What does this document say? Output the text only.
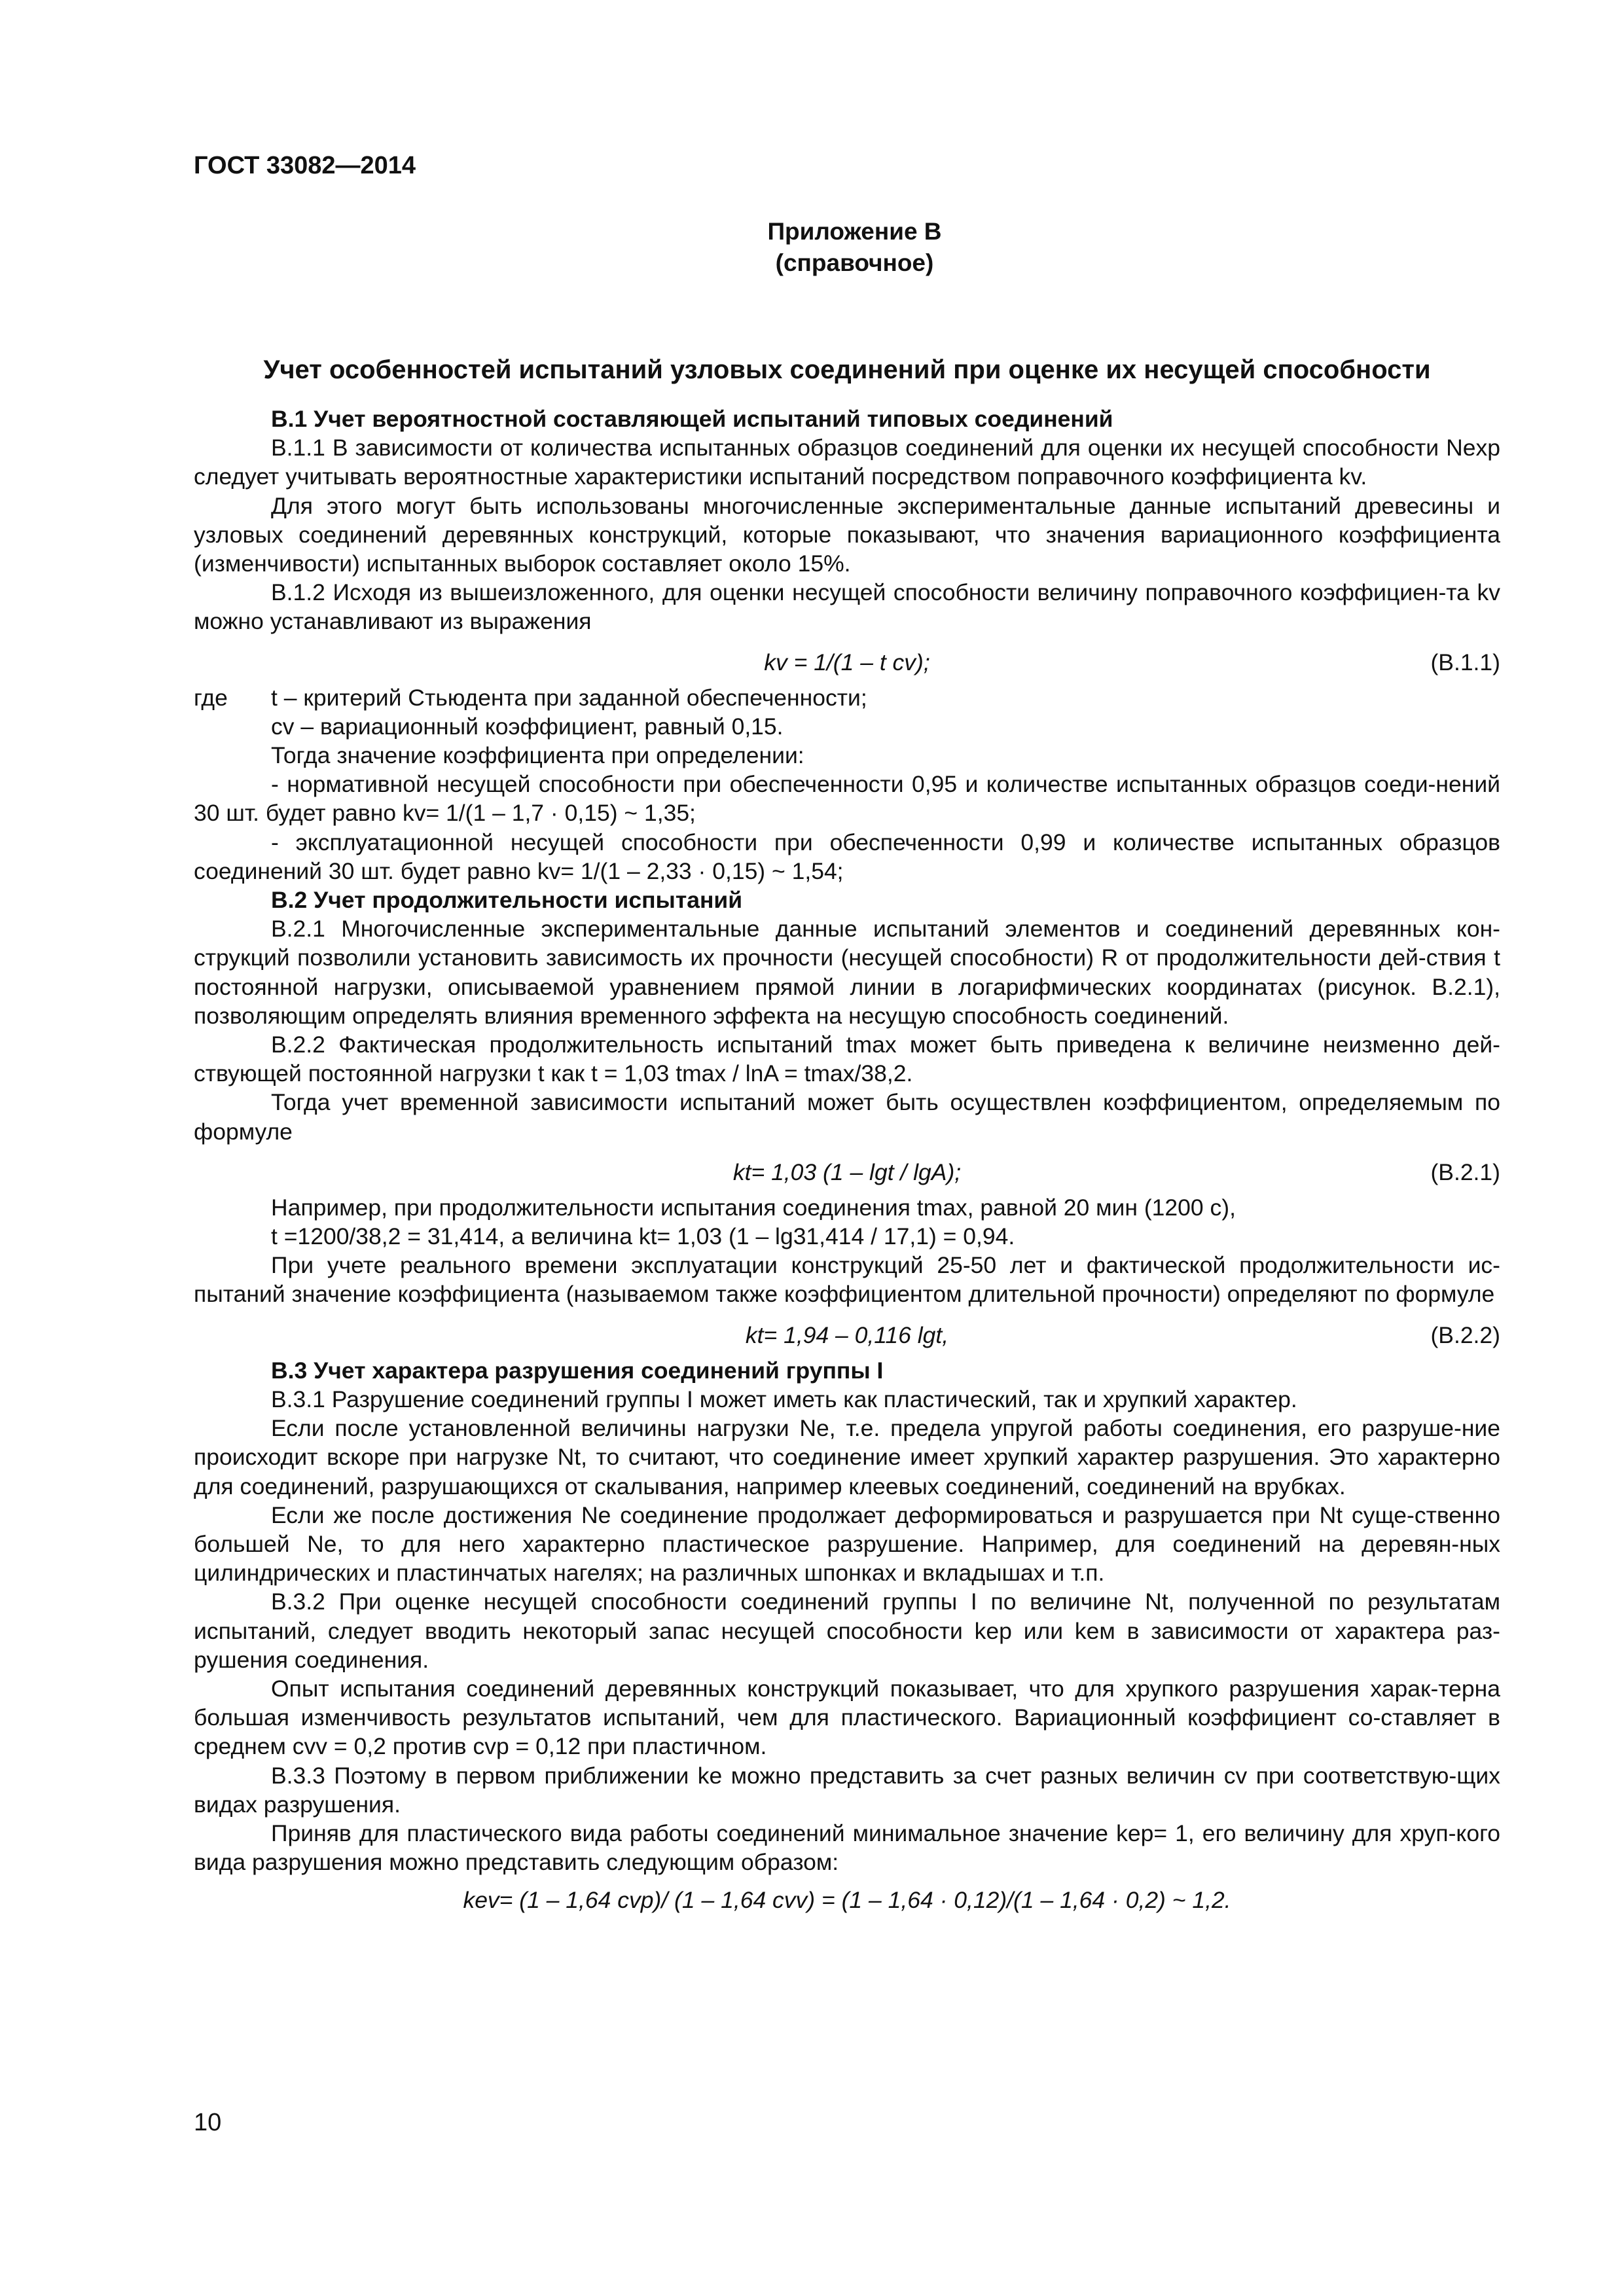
ГОСТ 33082—2014
Приложение В
(справочное)
Учет особенностей испытаний узловых соединений при оценке их несущей способности

В.1 Учет вероятностной составляющей испытаний типовых соединений

В.1.1 В зависимости от количества испытанных образцов соединений для оценки их несущей способности Nexp следует учитывать вероятностные характеристики испытаний посредством поправочного коэффициента kv.

Для этого могут быть использованы многочисленные экспериментальные данные испытаний древесины и узловых соединений деревянных конструкций, которые показывают, что значения вариационного коэффициента (изменчивости) испытанных выборок составляет около 15%.

В.1.2 Исходя из вышеизложенного, для оценки несущей способности величину поправочного коэффициен-та kv можно устанавливают из выражения

kv = 1/(1 – t cv);	(В.1.1)
где	t – критерий Стьюдента при заданной обеспеченности;

cv – вариационный коэффициент, равный 0,15.

Тогда значение коэффициента при определении:

- нормативной несущей способности при обеспеченности 0,95 и количестве испытанных образцов соеди-нений 30 шт. будет равно kv= 1/(1 – 1,7 · 0,15) ~ 1,35;

- эксплуатационной несущей способности при обеспеченности 0,99 и количестве испытанных образцов соединений 30 шт. будет равно kv= 1/(1 – 2,33 · 0,15) ~ 1,54;

В.2 Учет продолжительности испытаний

В.2.1 Многочисленные экспериментальные данные испытаний элементов и соединений деревянных кон-струкций позволили установить зависимость их прочности (несущей способности) R от продолжительности дей-ствия t постоянной нагрузки, описываемой уравнением прямой линии в логарифмических координатах (рисунок. В.2.1), позволяющим определять влияния временного эффекта на несущую способность соединений.

В.2.2 Фактическая продолжительность испытаний tmax может быть приведена к величине неизменно дей-ствующей постоянной нагрузки t как t = 1,03 tmax / lnA = tmax/38,2.

Тогда учет временной зависимости испытаний может быть осуществлен коэффициентом, определяемым по формуле

kt= 1,03 (1 – lgt / lgA);	(В.2.1)

Например, при продолжительности испытания соединения tmax, равной 20 мин (1200 с),

t =1200/38,2 = 31,414, а величина kt= 1,03 (1 – lg31,414 / 17,1) = 0,94.

При учете реального времени эксплуатации конструкций 25-50 лет и фактической продолжительности ис-пытаний значение коэффициента (называемом также коэффициентом длительной прочности) определяют по формуле

kt= 1,94 – 0,116 lgt,	(В.2.2)

В.3 Учет характера разрушения соединений группы I

В.3.1 Разрушение соединений группы I может иметь как пластический, так и хрупкий характер.

Если после установленной величины нагрузки Ne, т.е. предела упругой работы соединения, его разруше-ние происходит вскоре при нагрузке Nt, то считают, что соединение имеет хрупкий характер разрушения. Это характерно для соединений, разрушающихся от скалывания, например клеевых соединений, соединений на врубках.

Если же после достижения Ne соединение продолжает деформироваться и разрушается при Nt суще-ственно большей Ne, то для него характерно пластическое разрушение. Например, для соединений на деревян-ных цилиндрических и пластинчатых нагелях; на различных шпонках и вкладышах и т.п.

В.3.2 При оценке несущей способности соединений группы I по величине Nt, полученной по результатам испытаний, следует вводить некоторый запас несущей способности kep или keм в зависимости от характера раз-рушения соединения.

Опыт испытания соединений деревянных конструкций показывает, что для хрупкого разрушения харак-терна большая изменчивость результатов испытаний, чем для пластического. Вариационный коэффициент со-ставляет в среднем cvv = 0,2 против cvp = 0,12 при пластичном.

В.3.3 Поэтому в первом приближении ke можно представить за счет разных величин cv при соответствую-щих видах разрушения.

Приняв для пластического вида работы соединений минимальное значение kep= 1, его величину для хруп-кого вида разрушения можно представить следующим образом:

kev= (1 – 1,64 cvp)/ (1 – 1,64 cvv) = (1 – 1,64 · 0,12)/(1 – 1,64 · 0,2) ~ 1,2.

10
